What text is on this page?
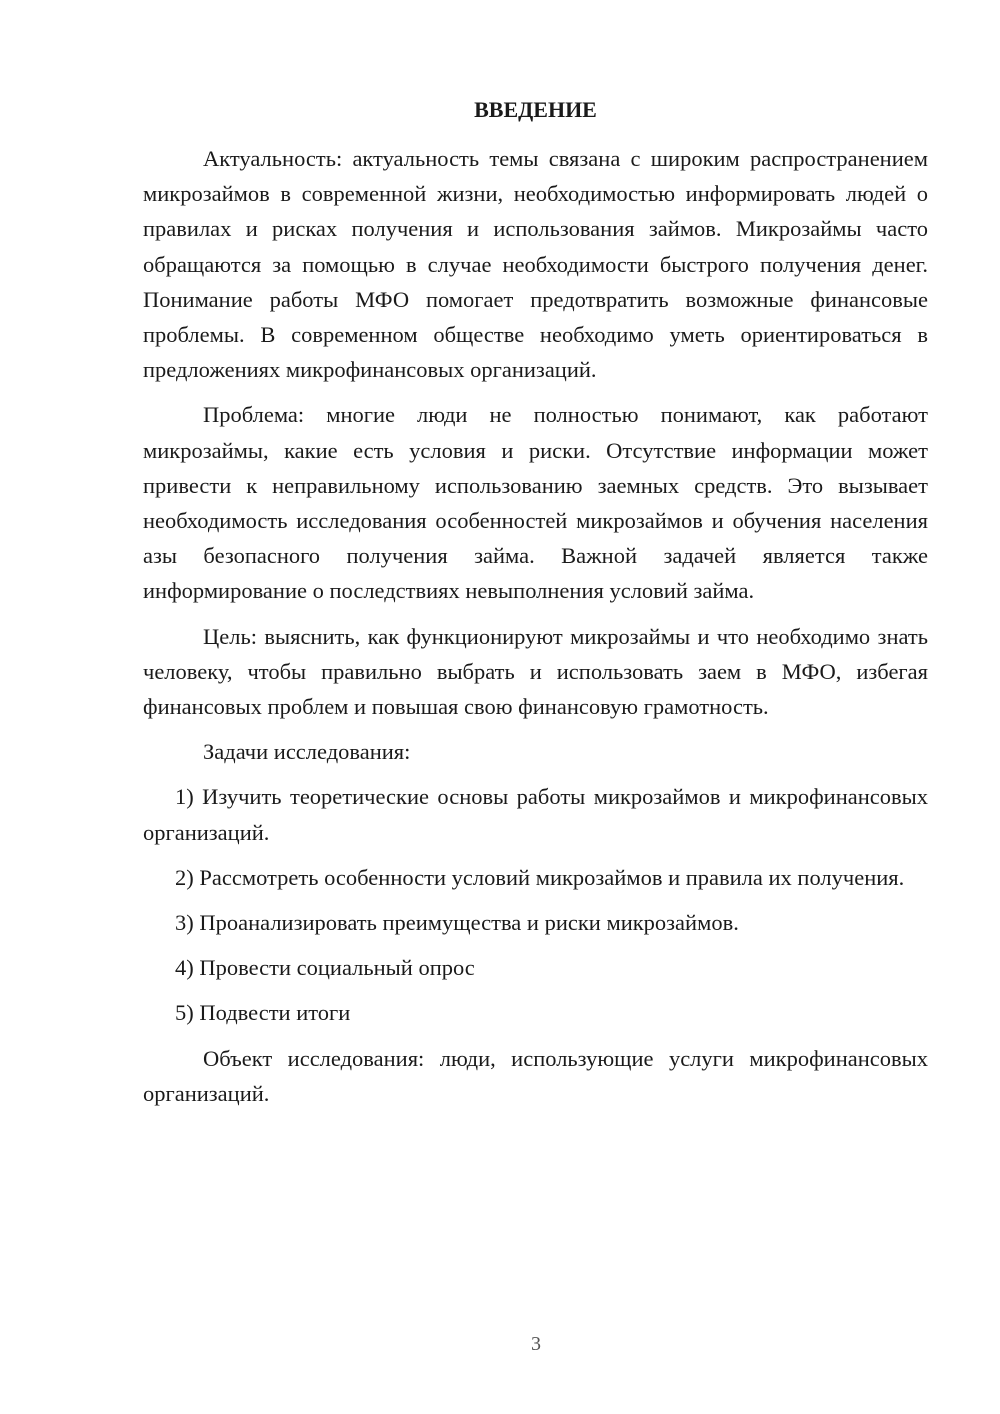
ВВЕДЕНИЕ

Актуальность: актуальность темы связана с широким распространением микрозаймов в современной жизни, необходимостью информировать людей о правилах и рисках получения и использования займов. Микрозаймы часто обращаются за помощью в случае необходимости быстрого получения денег. Понимание работы МФО помогает предотвратить возможные финансовые проблемы. В современном обществе необходимо уметь ориентироваться в предложениях микрофинансовых организаций.

Проблема: многие люди не полностью понимают, как работают микрозаймы, какие есть условия и риски. Отсутствие информации может привести к неправильному использованию заемных средств. Это вызывает необходимость исследования особенностей микрозаймов и обучения населения азы безопасного получения займа. Важной задачей является также информирование о последствиях невыполнения условий займа.

Цель: выяснить, как функционируют микрозаймы и что необходимо знать человеку, чтобы правильно выбрать и использовать заем в МФО, избегая финансовых проблем и повышая свою финансовую грамотность.

Задачи исследования:

1) Изучить теоретические основы работы микрозаймов и микрофинансовых организаций.

2) Рассмотреть особенности условий микрозаймов и правила их получения.

3) Проанализировать преимущества и риски микрозаймов.

4) Провести социальный опрос

5) Подвести итоги

Объект исследования: люди, использующие услуги микрофинансовых организаций.

3
